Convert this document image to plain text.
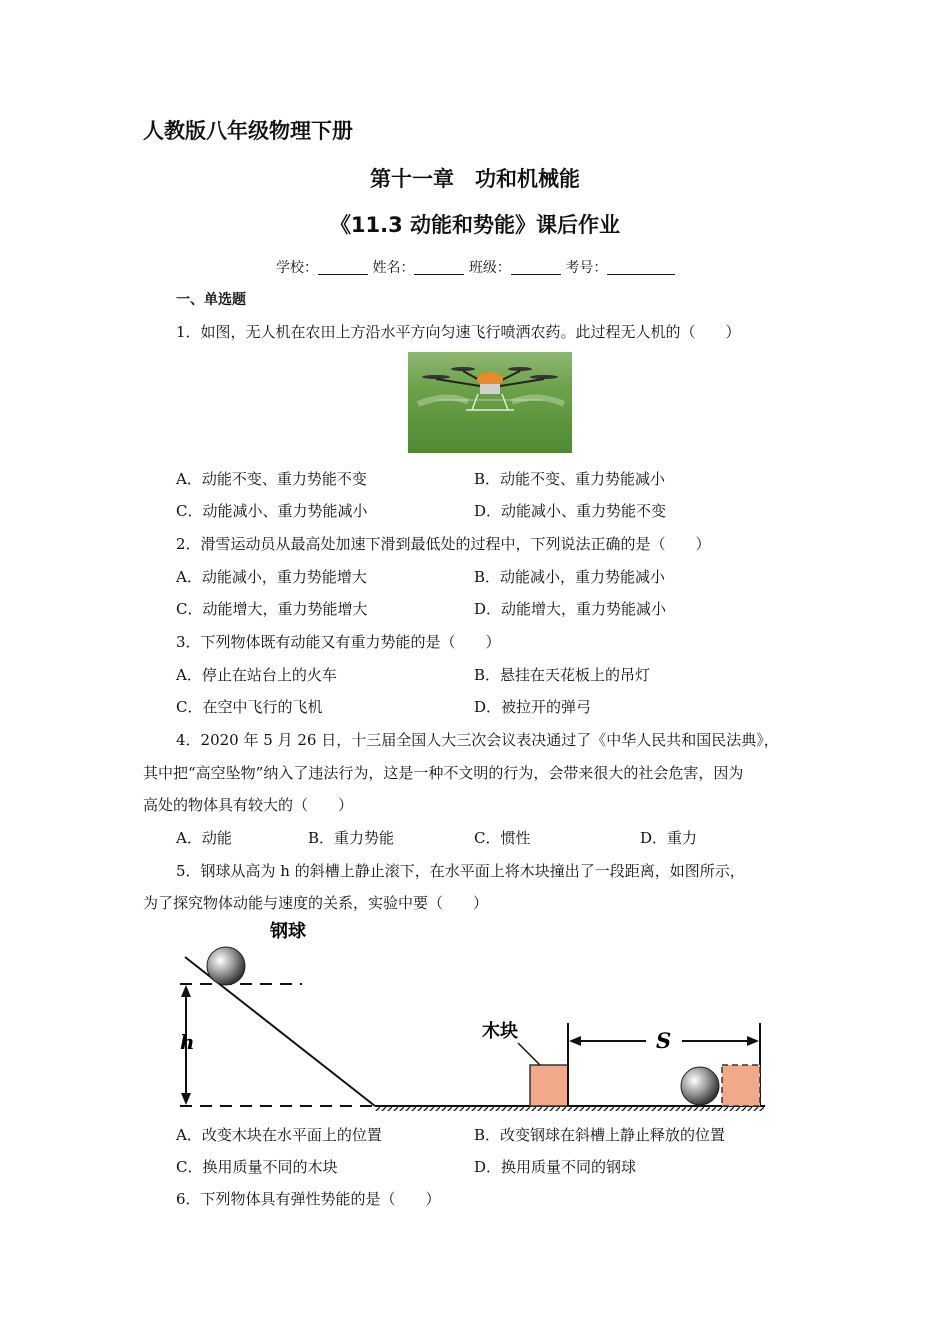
人教版八年级物理下册
第十一章　功和机械能
《11.3 动能和势能》课后作业
学校：	姓名：	班级：	考号：
一、单选题
1．如图，无人机在农田上方沿水平方向匀速飞行喷洒农药。此过程无人机的（　　）
A．动能不变、重力势能不变	B．动能不变、重力势能减小
C．动能减小、重力势能减小	D．动能减小、重力势能不变
2．滑雪运动员从最高处加速下滑到最低处的过程中，下列说法正确的是（　　）
A．动能减小，重力势能增大	B．动能减小，重力势能减小
C．动能增大，重力势能增大	D．动能增大，重力势能减小
3．下列物体既有动能又有重力势能的是（　　）
A．停止在站台上的火车	B．悬挂在天花板上的吊灯
C．在空中飞行的飞机	D．被拉开的弹弓
4．2020 年 5 月 26 日，十三届全国人大三次会议表决通过了《中华人民共和国民法典》，
其中把“高空坠物”纳入了违法行为，这是一种不文明的行为，会带来很大的社会危害，因为
高处的物体具有较大的（　　）
A．动能	B．重力势能	C．惯性	D．重力
5．钢球从高为 h 的斜槽上静止滚下，在水平面上将木块撞出了一段距离，如图所示，
为了探究物体动能与速度的关系，实验中要（　　）
h
钢球
木块	S
A．改变木块在水平面上的位置	B．改变钢球在斜槽上静止释放的位置
C．换用质量不同的木块	D．换用质量不同的钢球
6．下列物体具有弹性势能的是（　　）
